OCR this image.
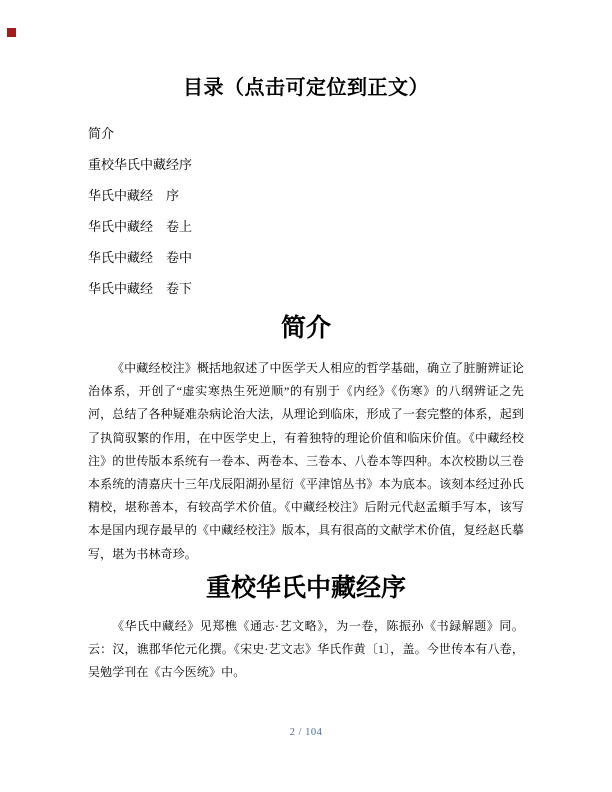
目录（点击可定位到正文）
简介
重校华氏中藏经序
华氏中藏经　序
华氏中藏经　卷上
华氏中藏经　卷中
华氏中藏经　卷下
简介
《中藏经校注》概括地叙述了中医学天人相应的哲学基础，确立了脏腑辨证论治体系，开创了“虚实寒热生死逆顺”的有别于《内经》《伤寒》的八纲辨证之先河，总结了各种疑难杂病论治大法，从理论到临床，形成了一套完整的体系，起到了执简驭繁的作用，在中医学史上，有着独特的理论价值和临床价值。《中藏经校注》的世传版本系统有一卷本、两卷本、三卷本、八卷本等四种。本次校勘以三卷本系统的清嘉庆十三年戊辰阳湖孙星衍《平津馆丛书》本为底本。该刻本经过孙氏精校，堪称善本，有较高学术价值。《中藏经校注》后附元代赵孟頫手写本，该写本是国内现存最早的《中藏经校注》版本，具有很高的文献学术价值，复经赵氏摹写，堪为书林奇珍。
重校华氏中藏经序
《华氏中藏经》见郑樵《通志·艺文略》，为一卷，陈振孙《书録解题》同。云：汉，谯郡华佗元化撰。《宋史·艺文志》华氏作黄〔1〕，盖。今世传本有八卷，吴勉学刊在《古今医统》中。
2 / 104
